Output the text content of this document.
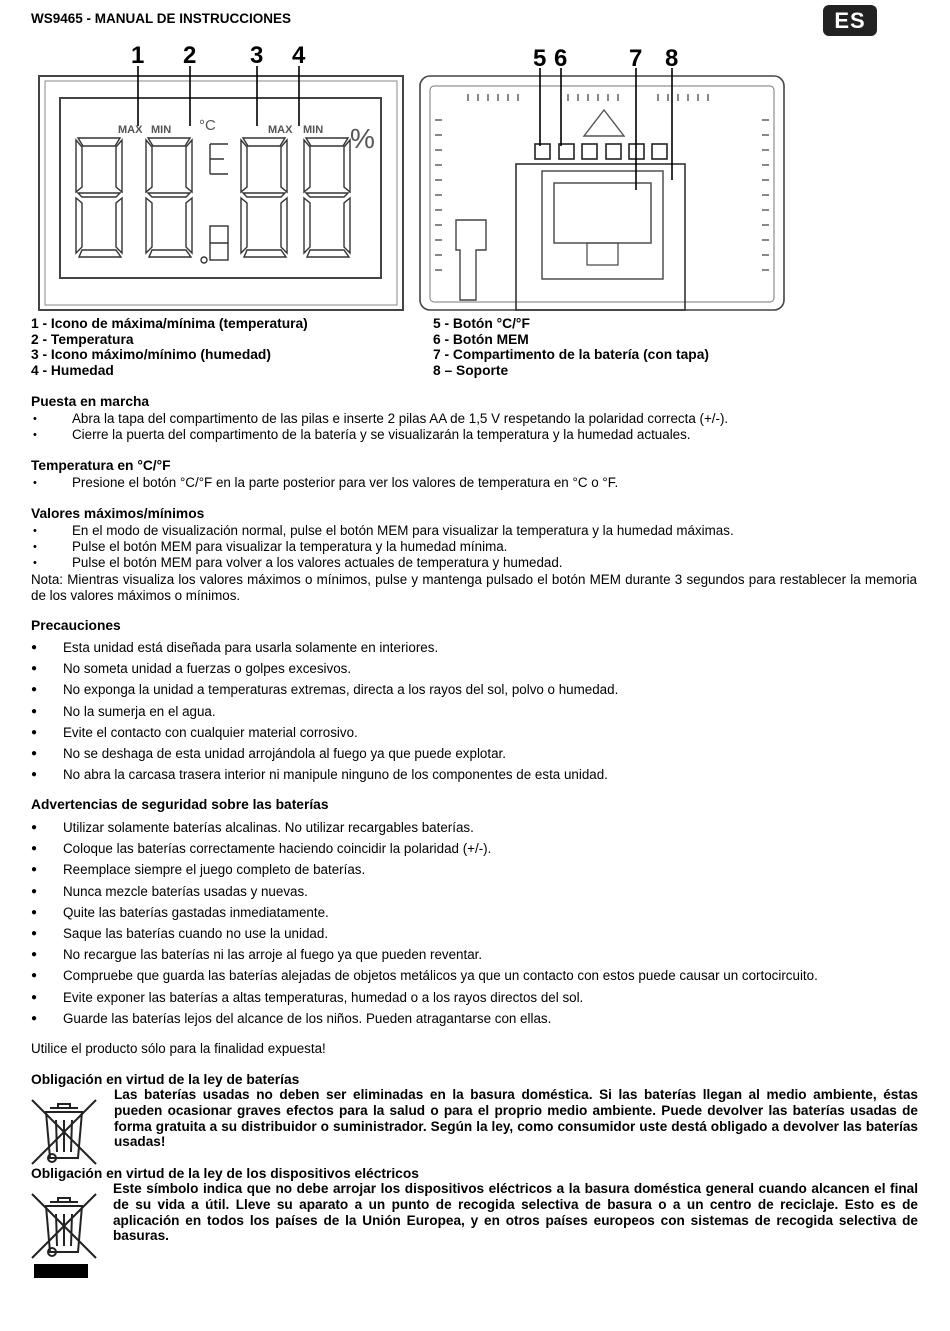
WS9465 - MANUAL DE INSTRUCCIONES	ES
1 2 3 4
MAX MIN °C	MAX MIN %
5 6	7 8
1 - Icono de máxima/mínima (temperatura)
2 - Temperatura
3 - Icono máximo/mínimo (humedad)
4 - Humedad
5 - Botón °C/°F
6 - Botón MEM
7 - Compartimento de la batería (con tapa)
8 – Soporte
Puesta en marcha
• Abra la tapa del compartimento de las pilas e inserte 2 pilas AA de 1,5 V respetando la polaridad correcta (+/-).
• Cierre la puerta del compartimento de la batería y se visualizarán la temperatura y la humedad actuales.
Temperatura en °C/°F
• Presione el botón °C/°F en la parte posterior para ver los valores de temperatura en °C o °F.
Valores máximos/mínimos
• En el modo de visualización normal, pulse el botón MEM para visualizar la temperatura y la humedad máximas.
• Pulse el botón MEM para visualizar la temperatura y la humedad mínima.
• Pulse el botón MEM para volver a los valores actuales de temperatura y humedad.
Nota: Mientras visualiza los valores máximos o mínimos, pulse y mantenga pulsado el botón MEM durante 3 segundos para restablecer la memoria de los valores máximos o mínimos.
Precauciones
● Esta unidad está diseñada para usarla solamente en interiores.
● No someta unidad a fuerzas o golpes excesivos.
● No exponga la unidad a temperaturas extremas, directa a los rayos del sol, polvo o humedad.
● No la sumerja en el agua.
● Evite el contacto con cualquier material corrosivo.
● No se deshaga de esta unidad arrojándola al fuego ya que puede explotar.
● No abra la carcasa trasera interior ni manipule ninguno de los componentes de esta unidad.
Advertencias de seguridad sobre las baterías
● Utilizar solamente baterías alcalinas. No utilizar recargables baterías.
● Coloque las baterías correctamente haciendo coincidir la polaridad (+/-).
● Reemplace siempre el juego completo de baterías.
● Nunca mezcle baterías usadas y nuevas.
● Quite las baterías gastadas inmediatamente.
● Saque las baterías cuando no use la unidad.
● No recargue las baterías ni las arroje al fuego ya que pueden reventar.
● Compruebe que guarda las baterías alejadas de objetos metálicos ya que un contacto con estos puede causar un cortocircuito.
● Evite exponer las baterías a altas temperaturas, humedad o a los rayos directos del sol.
● Guarde las baterías lejos del alcance de los niños. Pueden atragantarse con ellas.
Utilice el producto sólo para la finalidad expuesta!
Obligación en virtud de la ley de baterías
Las baterías usadas no deben ser eliminadas en la basura doméstica. Si las baterías llegan al medio ambiente, éstas pueden ocasionar graves efectos para la salud o para el proprio medio ambiente. Puede devolver las baterías usadas de forma gratuita a su distribuidor o suministrador. Según la ley, como consumidor uste destá obligado a devolver las baterías usadas!
Obligación en virtud de la ley de los dispositivos eléctricos
Este símbolo indica que no debe arrojar los dispositivos eléctricos a la basura doméstica general cuando alcancen el final de su vida a útil. Lleve su aparato a un punto de recogida selectiva de basura o a un centro de reciclaje. Esto es de aplicación en todos los países de la Unión Europea, y en otros países europeos con sistemas de recogida selectiva de basuras.
